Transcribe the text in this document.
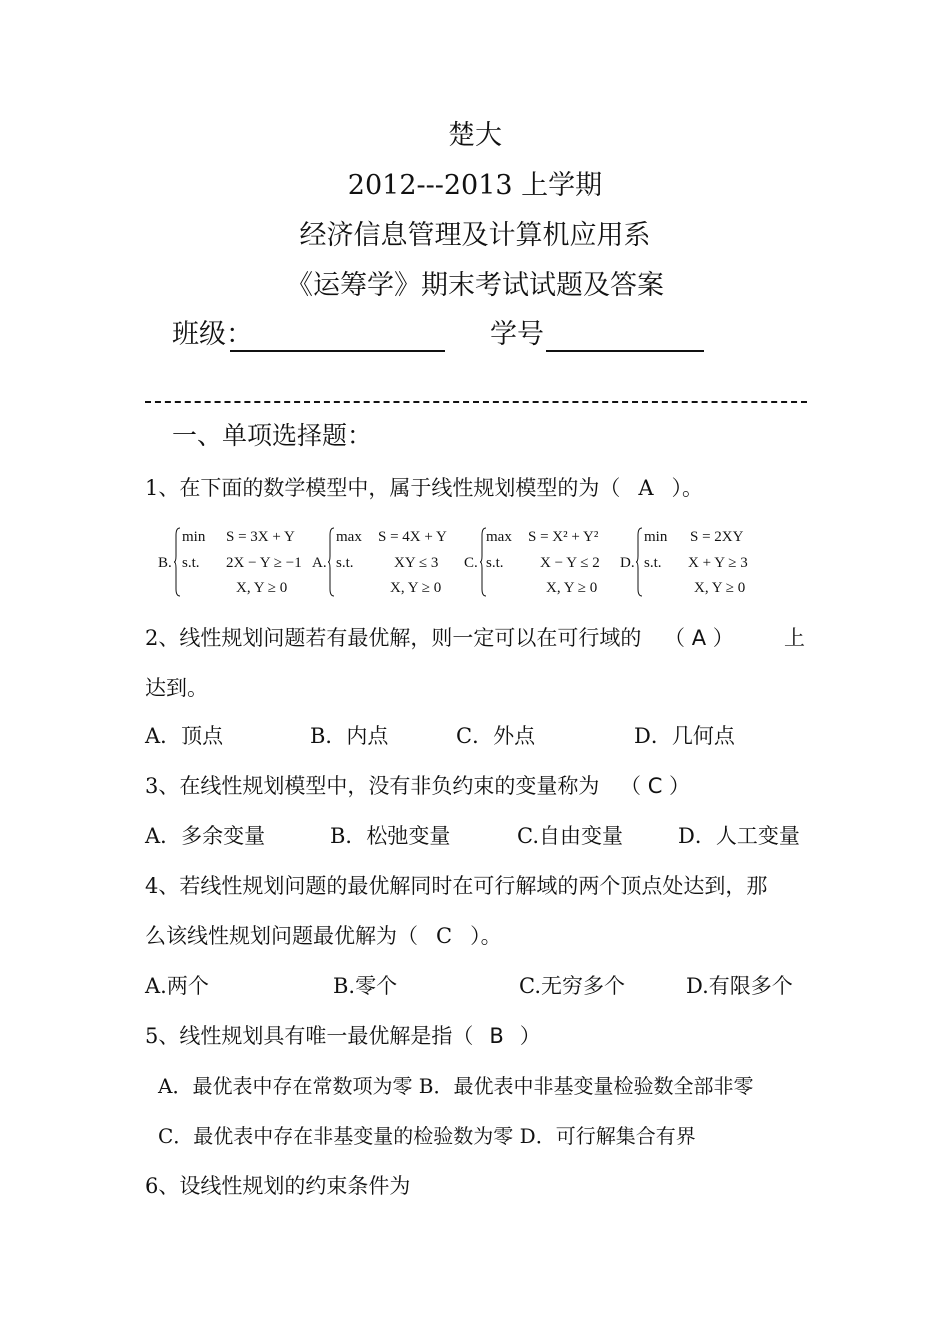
楚大
2012---2013 上学期
经济信息管理及计算机应用系
《运筹学》期末考试试题及答案
班级：	学号
一、单项选择题：
1、在下面的数学模型中，属于线性规划模型的为（ A ）。
B.
min S = 3X + Y
s.t. 2X − Y ≥ −1
X, Y ≥ 0
A.
max S = 4X + Y
s.t.	XY ≤ 3
X, Y ≥ 0
C.
max S = X² + Y²
s.t. X − Y ≤ 2
X, Y ≥ 0
D.
min S = 2XY
s.t. X + Y ≥ 3
X, Y ≥ 0
2、线性规划问题若有最优解，则一定可以在可行域的 （ A ） 上
达到。
A．顶点	B．内点	C．外点	D．几何点
3、在线性规划模型中，没有非负约束的变量称为 （ C ）
A．多余变量	B．松弛变量	C.自由变量	D．人工变量
4、若线性规划问题的最优解同时在可行解域的两个顶点处达到，那
么该线性规划问题最优解为（ C ）。
A.两个	B.零个	C.无穷多个	D.有限多个
5、线性规划具有唯一最优解是指（ B ）
A．最优表中存在常数项为零 B．最优表中非基变量检验数全部非零
C．最优表中存在非基变量的检验数为零 D．可行解集合有界
6、设线性规划的约束条件为
